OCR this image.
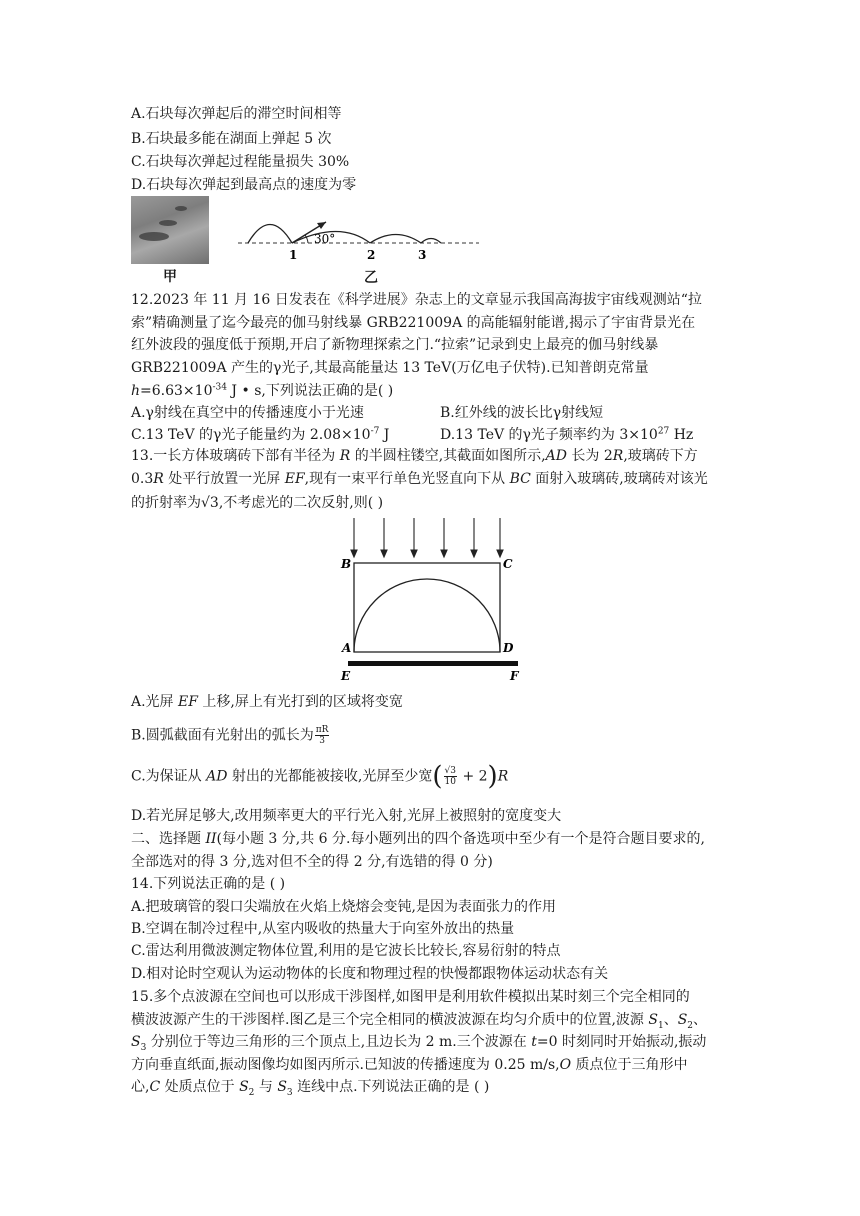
A.石块每次弹起后的滞空时间相等
B.石块最多能在湖面上弹起 5 次
C.石块每次弹起过程能量损失 30%
D.石块每次弹起到最高点的速度为零
甲
30°
1	2	3
乙
12.2023 年 11 月 16 日发表在《科学进展》杂志上的文章显示我国高海拔宇宙线观测站“拉
索”精确测量了迄今最亮的伽马射线暴 GRB221009A 的高能辐射能谱,揭示了宇宙背景光在
红外波段的强度低于预期,开启了新物理探索之门.“拉索”记录到史上最亮的伽马射线暴
GRB221009A 产生的γ光子,其最高能量达 13 TeV(万亿电子伏特).已知普朗克常量
$h=6.63\times 10^{-34}$ J • s,下列说法正确的是( )
A.γ射线在真空中的传播速度小于光速	B.红外线的波长比γ射线短
C.13 TeV 的γ光子能量约为 $2.08\times 10^{-7}$ J	D.13 TeV 的γ光子频率约为 $3\times 10^{27}$ Hz
13.一长方体玻璃砖下部有半径为 R 的半圆柱镂空,其截面如图所示,AD 长为 2R,玻璃砖下方
0.3R 处平行放置一光屏 EF,现有一束平行单色光竖直向下从 BC 面射入玻璃砖,玻璃砖对该光
的折射率为√3,不考虑光的二次反射,则( )
B	C
A	D
E	F
A.光屏 EF 上移,屏上有光打到的区域将变宽
B.圆弧截面有光射出的弧长为 $\frac{\pi R}{3}$
C.为保证从 AD 射出的光都能被接收,光屏至少宽( $\frac{√3}{10} + 2)R$
D.若光屏足够大,改用频率更大的平行光入射,光屏上被照射的宽度变大
二、选择题 II(每小题 3 分,共 6 分.每小题列出的四个备选项中至少有一个是符合题目要求的,
全部选对的得 3 分,选对但不全的得 2 分,有选错的得 0 分)
14.下列说法正确的是 ( )
A.把玻璃管的裂口尖端放在火焰上烧熔会变钝,是因为表面张力的作用
B.空调在制冷过程中,从室内吸收的热量大于向室外放出的热量
C.雷达利用微波测定物体位置,利用的是它波长比较长,容易衍射的特点
D.相对论时空观认为运动物体的长度和物理过程的快慢都跟物体运动状态有关
15.多个点波源在空间也可以形成干涉图样,如图甲是利用软件模拟出某时刻三个完全相同的
横波波源产生的干涉图样.图乙是三个完全相同的横波波源在均匀介质中的位置,波源 $S_1$、$S_2$、
$S_3$ 分别位于等边三角形的三个顶点上,且边长为 2 m.三个波源在 t=0 时刻同时开始振动,振动
方向垂直纸面,振动图像均如图丙所示.已知波的传播速度为 0.25 m/s,O 质点位于三角形中
心,C 处质点位于 $S_2$ 与 $S_3$ 连线中点.下列说法正确的是 ( )
